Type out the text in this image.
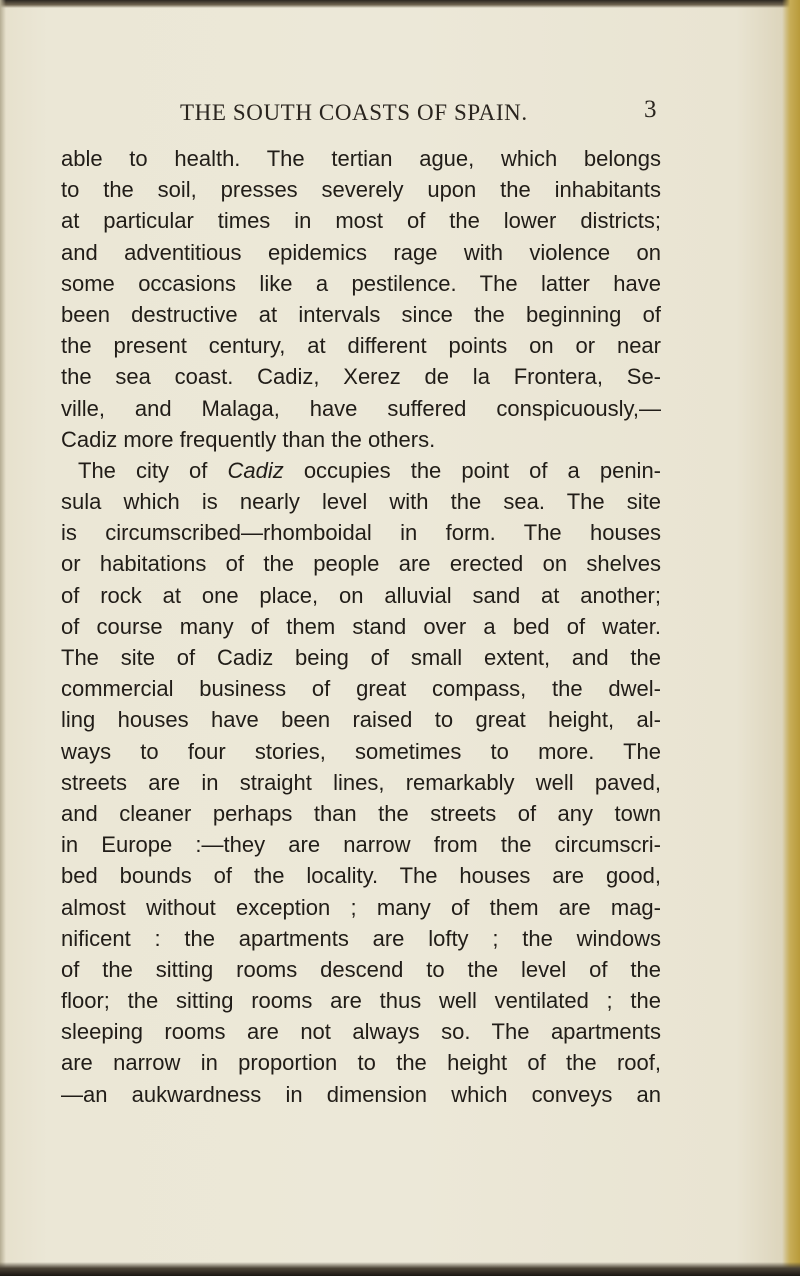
THE SOUTH COASTS OF SPAIN.	3
able to health. The tertian ague, which belongs
to the soil, presses severely upon the inhabitants
at particular times in most of the lower districts;
and adventitious epidemics rage with violence on
some occasions like a pestilence. The latter have
been destructive at intervals since the beginning of
the present century, at different points on or near
the sea coast. Cadiz, Xerez de la Frontera, Se-
ville, and Malaga, have suffered conspicuously,—
Cadiz more frequently than the others.
The city of Cadiz occupies the point of a penin-
sula which is nearly level with the sea. The site
is circumscribed—rhomboidal in form. The houses
or habitations of the people are erected on shelves
of rock at one place, on alluvial sand at another;
of course many of them stand over a bed of water.
The site of Cadiz being of small extent, and the
commercial business of great compass, the dwel-
ling houses have been raised to great height, al-
ways to four stories, sometimes to more. The
streets are in straight lines, remarkably well paved,
and cleaner perhaps than the streets of any town
in Europe :—they are narrow from the circumscri-
bed bounds of the locality. The houses are good,
almost without exception ; many of them are mag-
nificent : the apartments are lofty ; the windows
of the sitting rooms descend to the level of the
floor; the sitting rooms are thus well ventilated ; the
sleeping rooms are not always so. The apartments
are narrow in proportion to the height of the roof,
—an aukwardness in dimension which conveys an
